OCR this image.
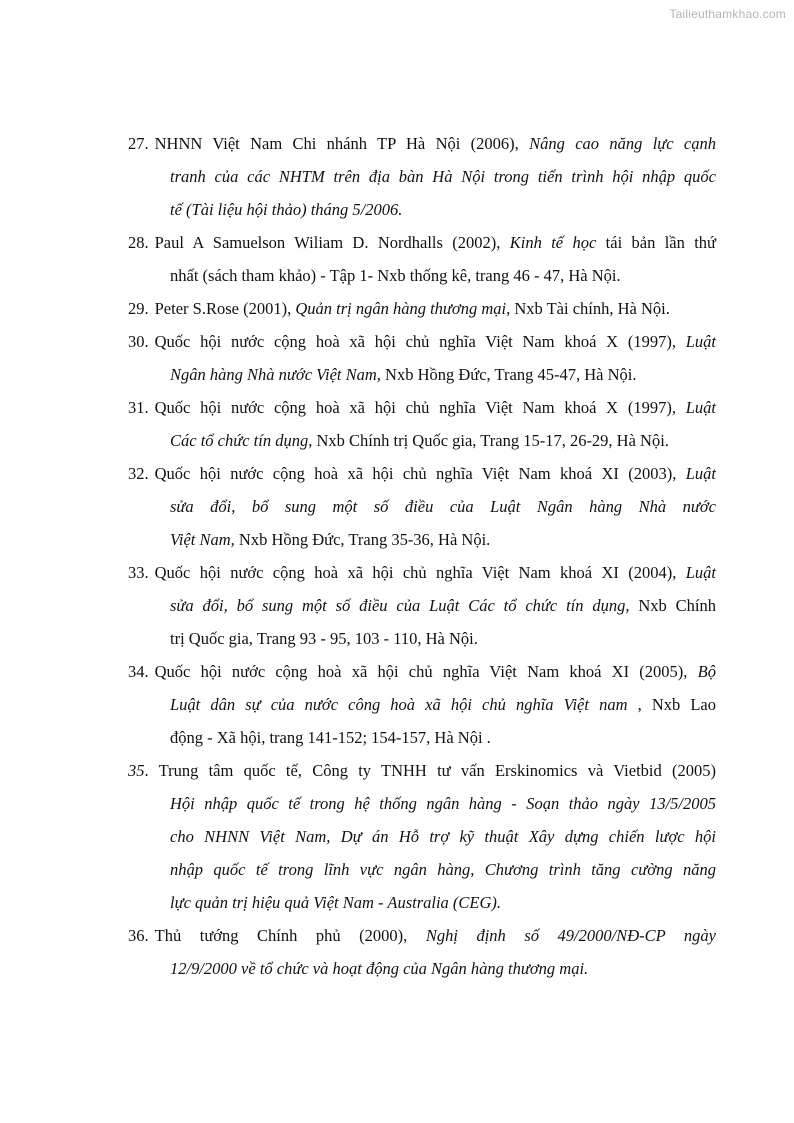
Tailieuthamkhao.com
27. NHNN Việt Nam Chi nhánh TP Hà Nội (2006), Nâng cao năng lực cạnh
tranh của các NHTM trên địa bàn Hà Nội trong tiến trình hội nhập quốc
tế (Tài liệu hội thảo) tháng 5/2006.
28. Paul A Samuelson Wiliam D. Nordhalls (2002), Kinh tế học tái bản lần thứ
nhất (sách tham khảo) - Tập 1- Nxb thống kê, trang 46 - 47, Hà Nội.
29. Peter S.Rose (2001), Quản trị ngân hàng thương mại, Nxb Tài chính, Hà Nội.
30. Quốc hội nước cộng hoà xã hội chủ nghĩa Việt Nam khoá X (1997), Luật
Ngân hàng Nhà nước Việt Nam, Nxb Hồng Đức, Trang 45-47, Hà Nội.
31. Quốc hội nước cộng hoà xã hội chủ nghĩa Việt Nam khoá X (1997), Luật
Các tổ chức tín dụng, Nxb Chính trị Quốc gia, Trang 15-17, 26-29, Hà Nội.
32. Quốc hội nước cộng hoà xã hội chủ nghĩa Việt Nam khoá XI (2003), Luật
sửa đổi, bổ sung một số điều của Luật Ngân hàng Nhà nước
Việt Nam, Nxb Hồng Đức, Trang 35-36, Hà Nội.
33. Quốc hội nước cộng hoà xã hội chủ nghĩa Việt Nam khoá XI (2004), Luật
sửa đổi, bổ sung một số điều của Luật Các tổ chức tín dụng, Nxb Chính
trị Quốc gia, Trang 93 - 95, 103 - 110, Hà Nội.
34. Quốc hội nước cộng hoà xã hội chủ nghĩa Việt Nam khoá XI (2005), Bộ
Luật dân sự của nước công hoà xã hội chủ nghĩa Việt nam , Nxb Lao
động - Xã hội, trang 141-152; 154-157, Hà Nội .
35. Trung tâm quốc tế, Công ty TNHH tư vấn Erskinomics và Vietbid (2005)
Hội nhập quốc tế trong hệ thống ngân hàng - Soạn thảo ngày 13/5/2005
cho NHNN Việt Nam, Dự án Hỗ trợ kỹ thuật Xây dựng chiến lược hội
nhập quốc tế trong lĩnh vực ngân hàng, Chương trình tăng cường năng
lực quản trị hiệu quả Việt Nam - Australia (CEG).
36. Thủ tướng Chính phủ (2000), Nghị định số 49/2000/NĐ-CP ngày
12/9/2000 về tổ chức và hoạt động của Ngân hàng thương mại.
